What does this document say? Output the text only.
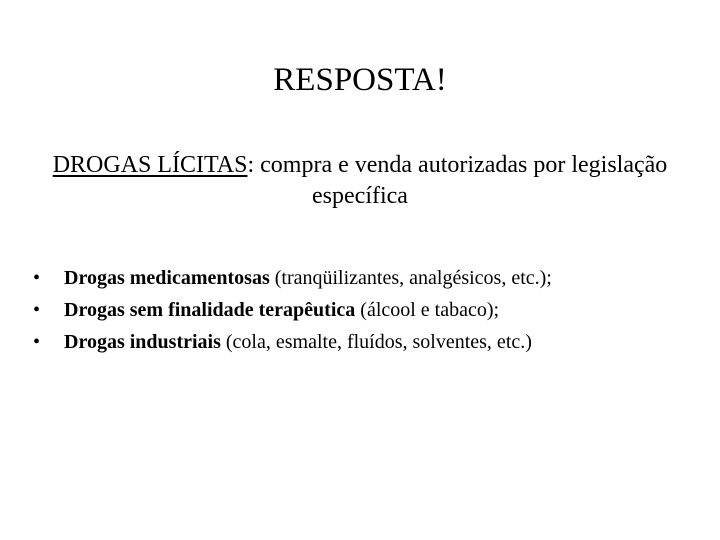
RESPOSTA!
DROGAS LÍCITAS: compra e venda autorizadas por legislação específica
•	Drogas medicamentosas (tranqüilizantes, analgésicos, etc.);
•	Drogas sem finalidade terapêutica (álcool e tabaco);
•	Drogas industriais (cola, esmalte, fluídos, solventes, etc.)
